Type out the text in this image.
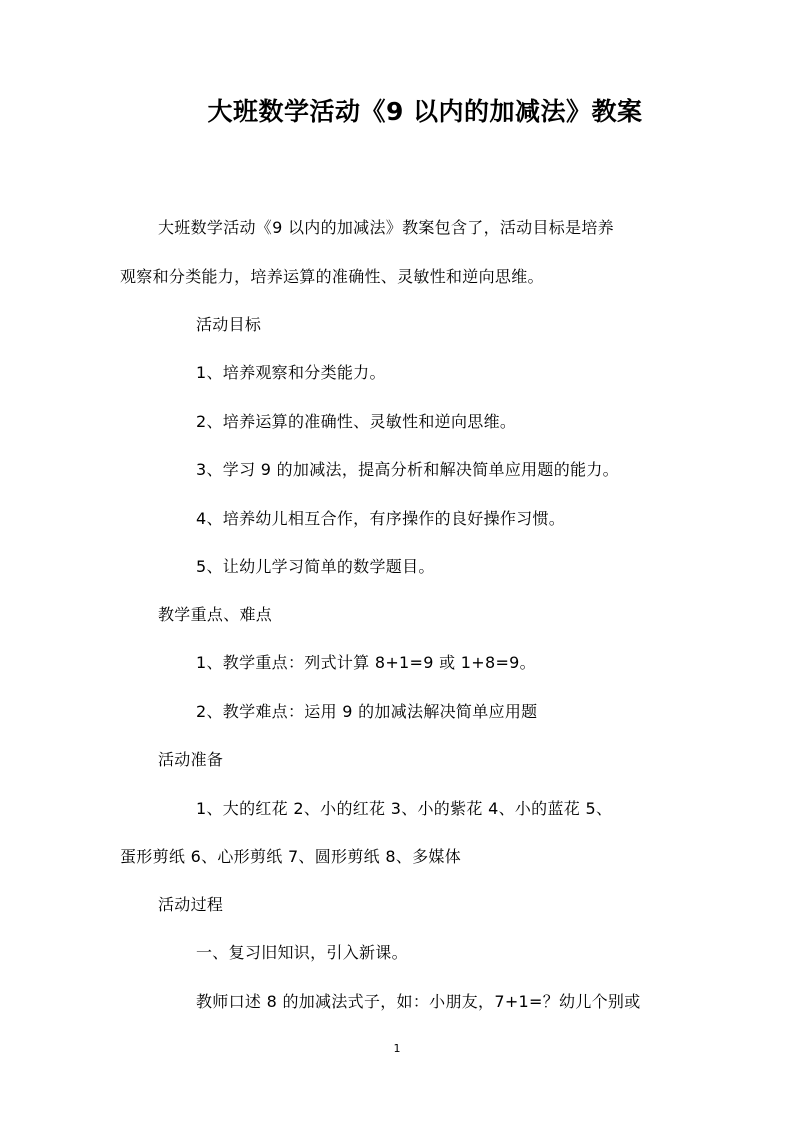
大班数学活动《9 以内的加减法》教案
大班数学活动《9 以内的加减法》教案包含了，活动目标是培养
观察和分类能力，培养运算的准确性、灵敏性和逆向思维。
活动目标
1、培养观察和分类能力。
2、培养运算的准确性、灵敏性和逆向思维。
3、学习 9 的加减法，提高分析和解决简单应用题的能力。
4、培养幼儿相互合作，有序操作的良好操作习惯。
5、让幼儿学习简单的数学题目。
教学重点、难点
1、教学重点：列式计算 8+1=9 或 1+8=9。
2、教学难点：运用 9 的加减法解决简单应用题
活动准备
1、大的红花 2、小的红花 3、小的紫花 4、小的蓝花 5、
蛋形剪纸 6、心形剪纸 7、圆形剪纸 8、多媒体
活动过程
一、复习旧知识，引入新课。
教师口述 8 的加减法式子，如：小朋友，7+1=？幼儿个别或
1
